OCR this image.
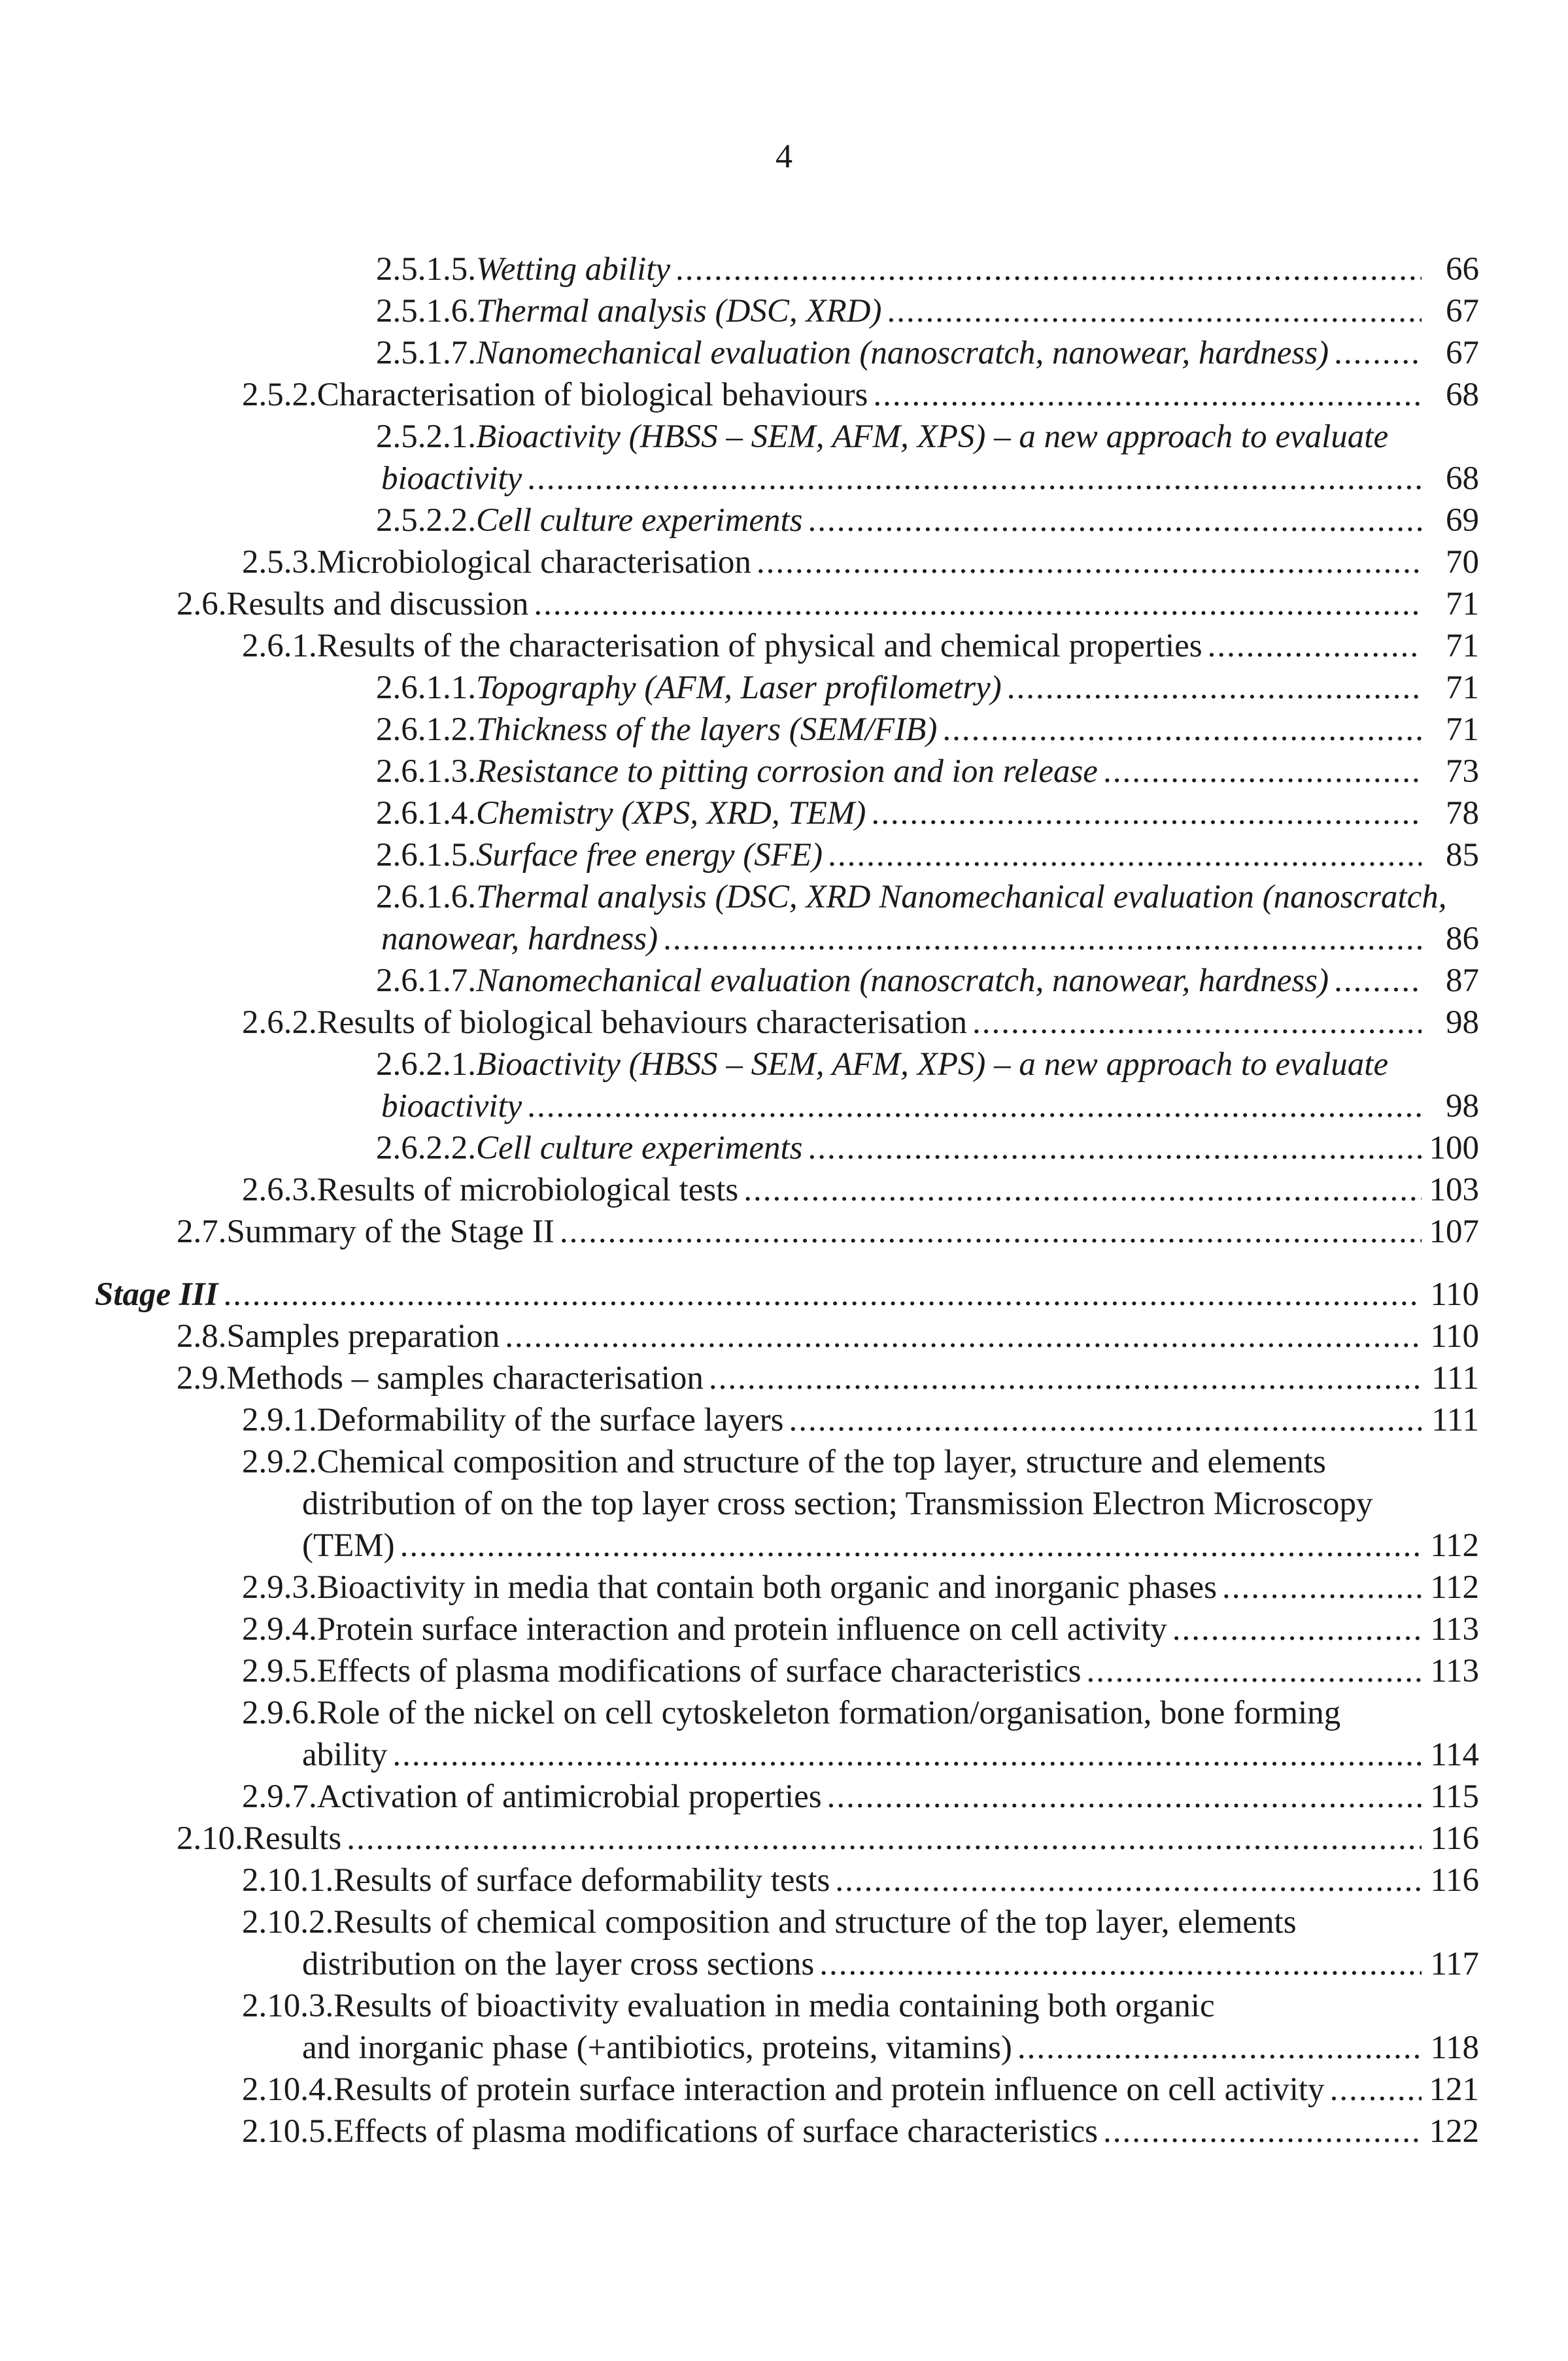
4
2.5.1.5. Wetting ability .....	66
2.5.1.6. Thermal analysis (DSC, XRD) .....	67
2.5.1.7. Nanomechanical evaluation (nanoscratch, nanowear, hardness) .....	67
2.5.2. Characterisation of biological behaviours .....	68
2.5.2.1. Bioactivity (HBSS – SEM, AFM, XPS) – a new approach to evaluate
bioactivity .....	68
2.5.2.2. Cell culture experiments .....	69
2.5.3. Microbiological characterisation .....	70
2.6. Results and discussion .....	71
2.6.1. Results of the characterisation of physical and chemical properties .....	71
2.6.1.1. Topography (AFM, Laser profilometry) .....	71
2.6.1.2. Thickness of the layers (SEM/FIB) .....	71
2.6.1.3. Resistance to pitting corrosion and ion release .....	73
2.6.1.4. Chemistry (XPS, XRD, TEM) .....	78
2.6.1.5. Surface free energy (SFE) .....	85
2.6.1.6. Thermal analysis (DSC, XRD Nanomechanical evaluation (nanoscratch,
nanowear, hardness) .....	86
2.6.1.7. Nanomechanical evaluation (nanoscratch, nanowear, hardness) .....	87
2.6.2. Results of biological behaviours characterisation .....	98
2.6.2.1. Bioactivity (HBSS – SEM, AFM, XPS) – a new approach to evaluate
bioactivity .....	98
2.6.2.2. Cell culture experiments .....	100
2.6.3. Results of microbiological tests .....	103
2.7. Summary of the Stage II .....	107
Stage III .....	110
2.8. Samples preparation .....	110
2.9. Methods – samples characterisation .....	111
2.9.1. Deformability of the surface layers .....	111
2.9.2. Chemical composition and structure of the top layer, structure and elements
distribution of on the top layer cross section; Transmission Electron Microscopy
(TEM) .....	112
2.9.3. Bioactivity in media that contain both organic and inorganic phases .....	112
2.9.4. Protein surface interaction and protein influence on cell activity .....	113
2.9.5. Effects of plasma modifications of surface characteristics .....	113
2.9.6. Role of the nickel on cell cytoskeleton formation/organisation, bone forming
ability .....	114
2.9.7. Activation of antimicrobial properties .....	115
2.10. Results .....	116
2.10.1. Results of surface deformability tests .....	116
2.10.2. Results of chemical composition and structure of the top layer, elements
distribution on the layer cross sections .....	117
2.10.3. Results of bioactivity evaluation in media containing both organic
and inorganic phase (+antibiotics, proteins, vitamins) .....	118
2.10.4. Results of protein surface interaction and protein influence on cell activity .....	121
2.10.5. Effects of plasma modifications of surface characteristics .....	122
